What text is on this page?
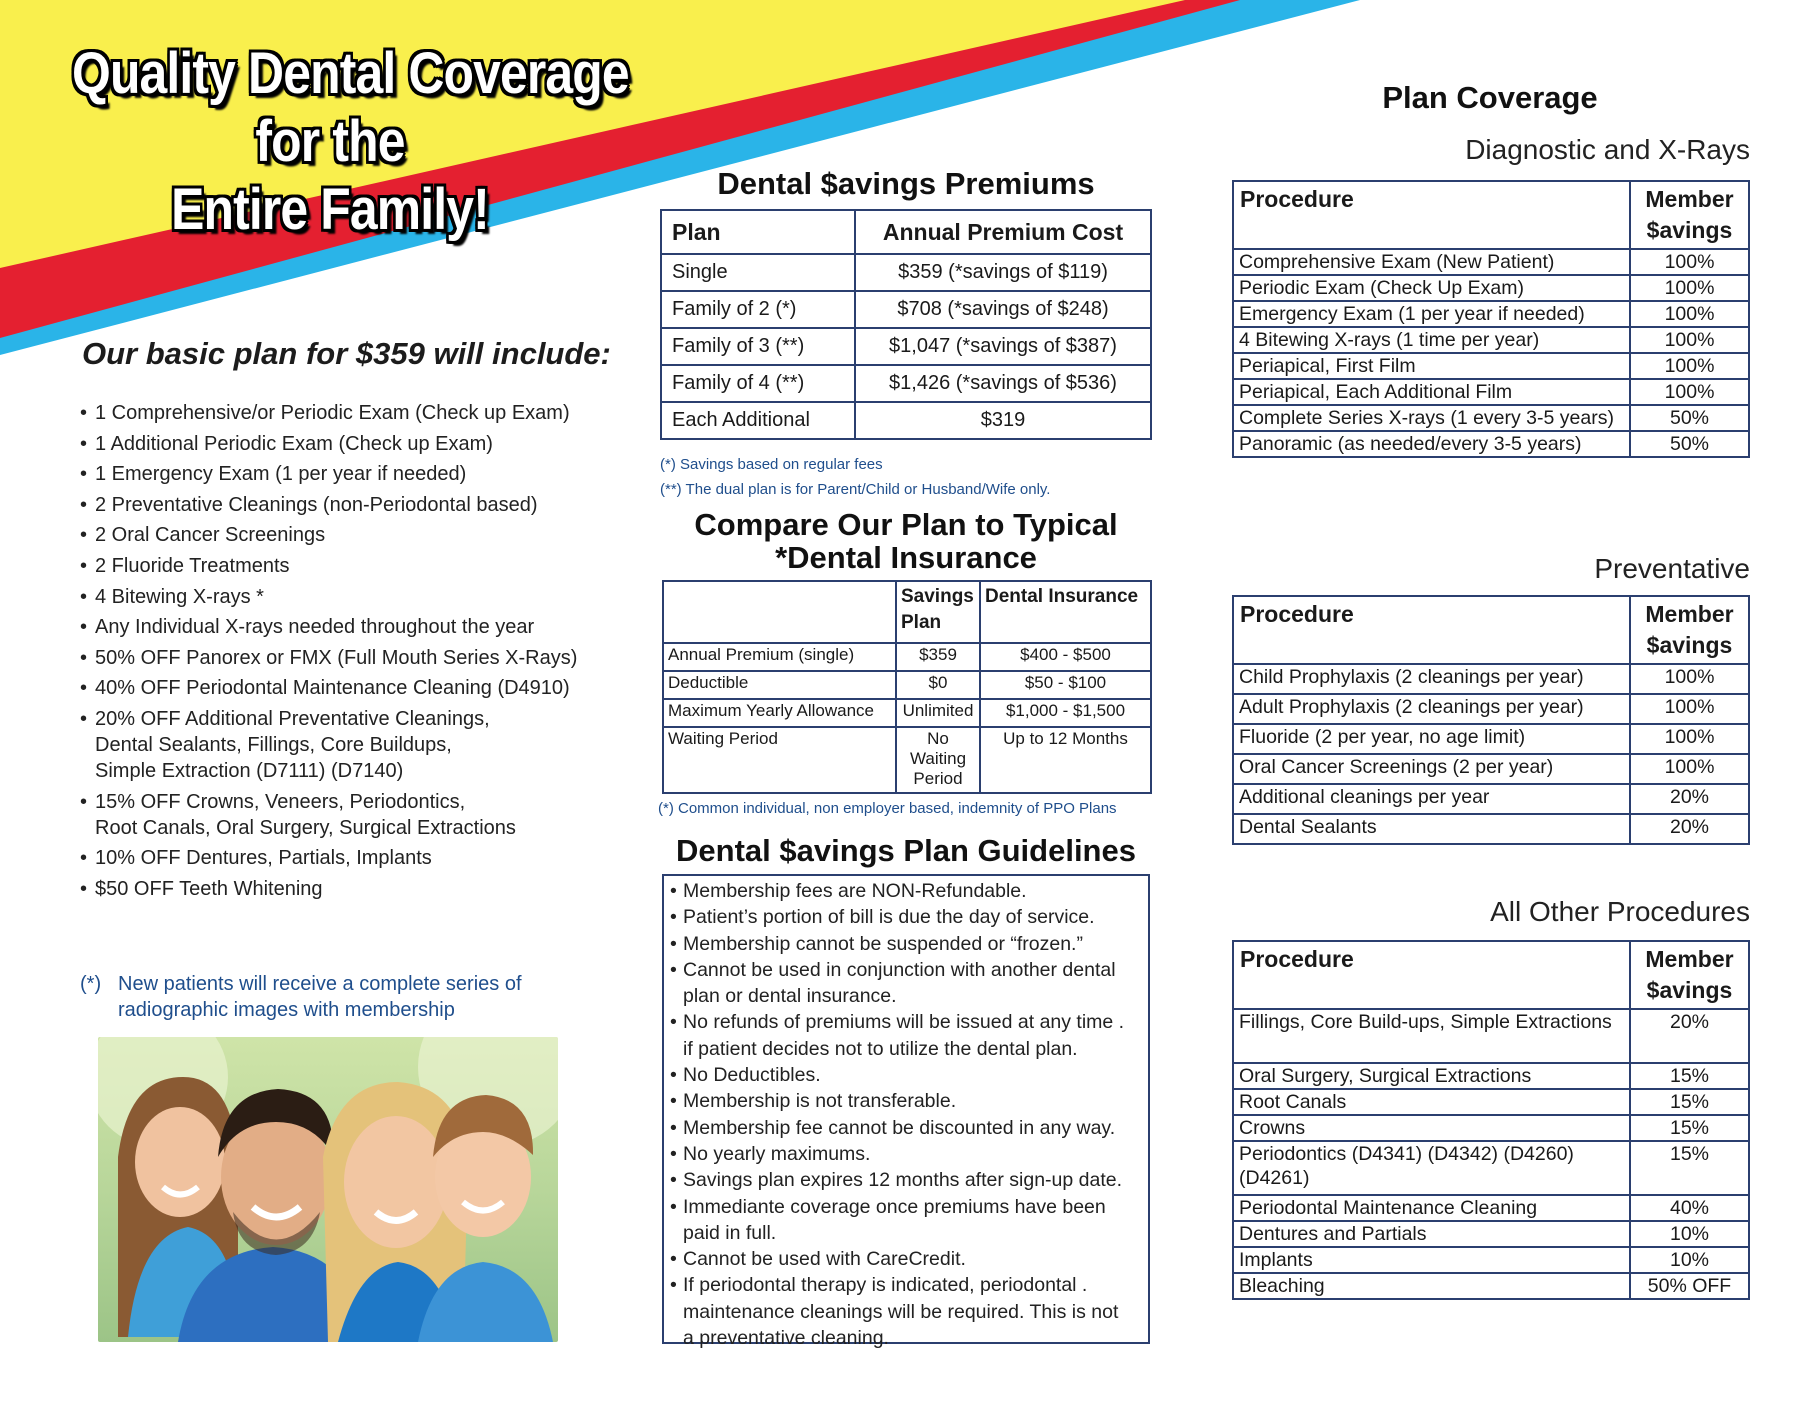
Quality Dental Coverage
for the
Entire Family!
Our basic plan for $359 will include:
• 1 Comprehensive/or Periodic Exam (Check up Exam)
• 1 Additional Periodic Exam (Check up Exam)
• 1 Emergency Exam (1 per year if needed)
• 2 Preventative Cleanings (non-Periodontal based)
• 2 Oral Cancer Screenings
• 2 Fluoride Treatments
• 4 Bitewing X-rays *
• Any Individual X-rays needed throughout the year
• 50% OFF Panorex or FMX (Full Mouth Series X-Rays)
• 40% OFF Periodontal Maintenance Cleaning (D4910)
• 20% OFF Additional Preventative Cleanings,
Dental Sealants, Fillings, Core Buildups,
Simple Extraction (D7111) (D7140)
• 15% OFF Crowns, Veneers, Periodontics,
Root Canals, Oral Surgery, Surgical Extractions
• 10% OFF Dentures, Partials, Implants
• $50 OFF Teeth Whitening
(*) New patients will receive a complete series of radiographic images with membership
Dental $avings Premiums
Plan	Annual Premium Cost
Single	$359 (*savings of $119)
Family of 2 (*)	$708 (*savings of $248)
Family of 3 (**)	$1,047 (*savings of $387)
Family of 4 (**)	$1,426 (*savings of $536)
Each Additional	$319
(*) Savings based on regular fees
(**) The dual plan is for Parent/Child or Husband/Wife only.
Compare Our Plan to Typical
*Dental Insurance
	Savings Plan	Dental Insurance
Annual Premium (single)	$359	$400 - $500
Deductible	$0	$50 - $100
Maximum Yearly Allowance	Unlimited	$1,000 - $1,500
Waiting Period	No Waiting Period	Up to 12 Months
(*) Common individual, non employer based, indemnity of PPO Plans
Dental $avings Plan Guidelines
• Membership fees are NON-Refundable.
• Patient’s portion of bill is due the day of service.
• Membership cannot be suspended or “frozen.”
• Cannot be used in conjunction with another dental
plan or dental insurance.
• No refunds of premiums will be issued at any time .
if patient decides not to utilize the dental plan.
• No Deductibles.
• Membership is not transferable.
• Membership fee cannot be discounted in any way.
• No yearly maximums.
• Savings plan expires 12 months after sign-up date.
• Immediante coverage once premiums have been
paid in full.
• Cannot be used with CareCredit.
• If periodontal therapy is indicated, periodontal .
maintenance cleanings will be required. This is not
a preventative cleaning.
Plan Coverage
Diagnostic and X-Rays
Procedure	Member $avings
Comprehensive Exam (New Patient)	100%
Periodic Exam (Check Up Exam)	100%
Emergency Exam (1 per year if needed)	100%
4 Bitewing X-rays (1 time per year)	100%
Periapical, First Film	100%
Periapical, Each Additional Film	100%
Complete Series X-rays (1 every 3-5 years)	50%
Panoramic (as needed/every 3-5 years)	50%
Preventative
Procedure	Member $avings
Child Prophylaxis (2 cleanings per year)	100%
Adult Prophylaxis (2 cleanings per year)	100%
Fluoride (2 per year, no age limit)	100%
Oral Cancer Screenings (2 per year)	100%
Additional cleanings per year	20%
Dental Sealants	20%
All Other Procedures
Procedure	Member $avings
Fillings, Core Build-ups, Simple Extractions	20%
Oral Surgery, Surgical Extractions	15%
Root Canals	15%
Crowns	15%
Periodontics (D4341) (D4342) (D4260) (D4261)	15%
Periodontal Maintenance Cleaning	40%
Dentures and Partials	10%
Implants	10%
Bleaching	50% OFF
